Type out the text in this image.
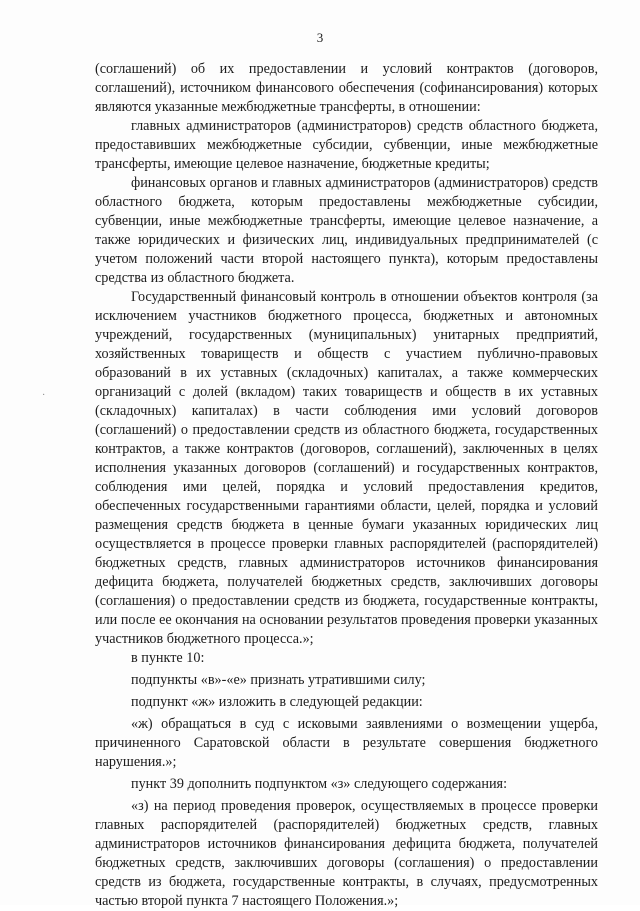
3
·

(соглашений) об их предоставлении и условий контрактов (договоров, соглашений), источником финансового обеспечения (софинансирования) которых являются указанные межбюджетные трансферты, в отношении:

главных администраторов (администраторов) средств областного бюджета, предоставивших межбюджетные субсидии, субвенции, иные межбюджетные трансферты, имеющие целевое назначение, бюджетные кредиты;

финансовых органов и главных администраторов (администраторов) средств областного бюджета, которым предоставлены межбюджетные субсидии, субвенции, иные межбюджетные трансферты, имеющие целевое назначение, а также юридических и физических лиц, индивидуальных предпринимателей (с учетом положений части второй настоящего пункта), которым предоставлены средства из областного бюджета.

Государственный финансовый контроль в отношении объектов контроля (за исключением участников бюджетного процесса, бюджетных и автономных учреждений, государственных (муниципальных) унитарных предприятий, хозяйственных товариществ и обществ с участием публично-правовых образований в их уставных (складочных) капиталах, а также коммерческих организаций с долей (вкладом) таких товариществ и обществ в их уставных (складочных) капиталах) в части соблюдения ими условий договоров (соглашений) о предоставлении средств из областного бюджета, государственных контрактов, а также контрактов (договоров, соглашений), заключенных в целях исполнения указанных договоров (соглашений) и государственных контрактов, соблюдения ими целей, порядка и условий предоставления кредитов, обеспеченных государственными гарантиями области, целей, порядка и условий размещения средств бюджета в ценные бумаги указанных юридических лиц осуществляется в процессе проверки главных распорядителей (распорядителей) бюджетных средств, главных администраторов источников финансирования дефицита бюджета, получателей бюджетных средств, заключивших договоры (соглашения) о предоставлении средств из бюджета, государственные контракты, или после ее окончания на основании результатов проведения проверки указанных участников бюджетного процесса.»;

в пункте 10:

подпункты «в»-«е» признать утратившими силу;

подпункт «ж» изложить в следующей редакции:

«ж) обращаться в суд с исковыми заявлениями о возмещении ущерба, причиненного Саратовской области в результате совершения бюджетного нарушения.»;

пункт 39 дополнить подпунктом «з» следующего содержания:

«з) на период проведения проверок, осуществляемых в процессе проверки главных распорядителей (распорядителей) бюджетных средств, главных администраторов источников финансирования дефицита бюджета, получателей бюджетных средств, заключивших договоры (соглашения) о предоставлении средств из бюджета, государственные контракты, в случаях, предусмотренных частью второй пункта 7 настоящего Положения.»;
